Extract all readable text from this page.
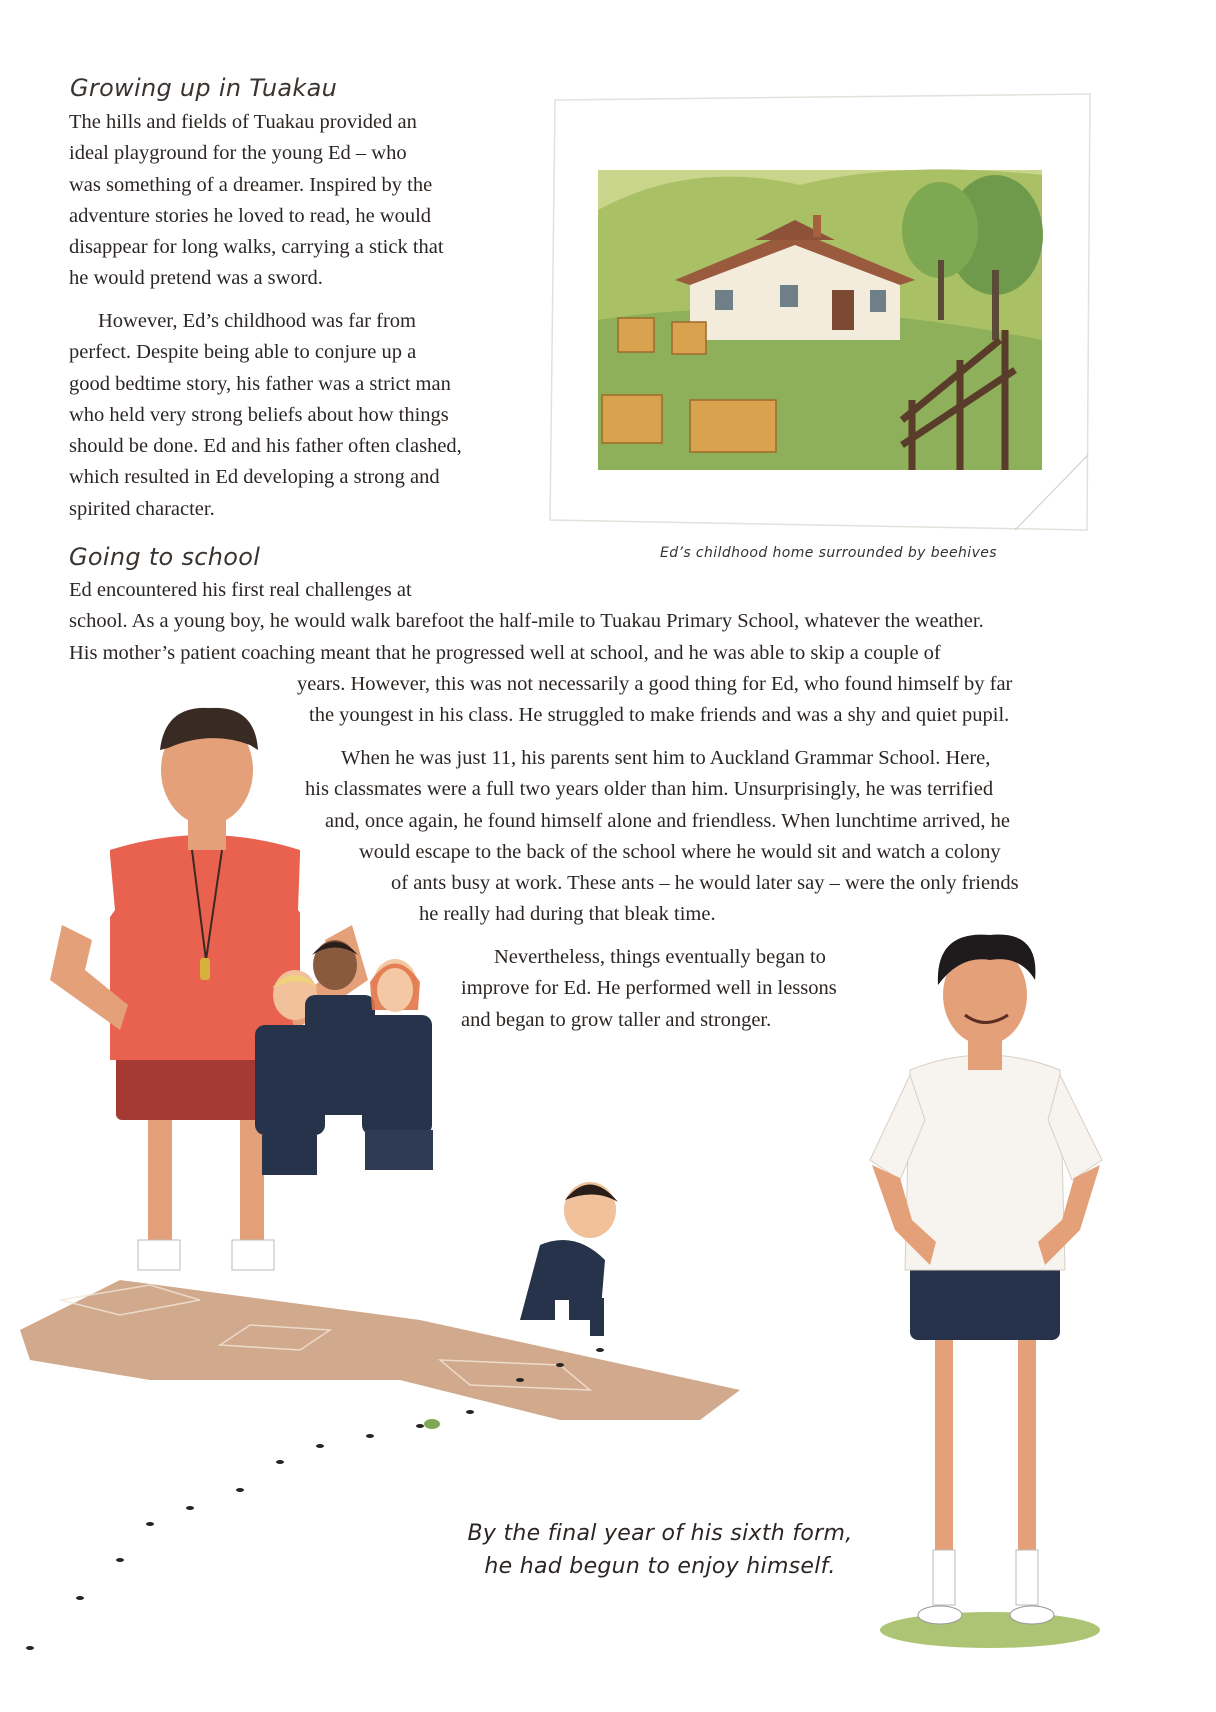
Growing up in Tuakau

The hills and fields of Tuakau provided an
ideal playground for the young Ed – who
was something of a dreamer. Inspired by the
adventure stories he loved to read, he would
disappear for long walks, carrying a stick that
he would pretend was a sword.

However, Ed’s childhood was far from
perfect. Despite being able to conjure up a
good bedtime story, his father was a strict man
who held very strong beliefs about how things
should be done. Ed and his father often clashed,
which resulted in Ed developing a strong and
spirited character.

Ed’s childhood home surrounded by beehives
Going to school

Ed encountered his first real challenges at
school. As a young boy, he would walk barefoot the half-mile to Tuakau Primary School, whatever the weather.
His mother’s patient coaching meant that he progressed well at school, and he was able to skip a couple of
years. However, this was not necessarily a good thing for Ed, who found himself by far
the youngest in his class. He struggled to make friends and was a shy and quiet pupil.

When he was just 11, his parents sent him to Auckland Grammar School. Here,
his classmates were a full two years older than him. Unsurprisingly, he was terrified
and, once again, he found himself alone and friendless. When lunchtime arrived, he
would escape to the back of the school where he would sit and watch a colony
of ants busy at work. These ants – he would later say – were the only friends
he really had during that bleak time.

Nevertheless, things eventually began to
improve for Ed. He performed well in lessons
and began to grow taller and stronger.

By the final year of his sixth form,
he had begun to enjoy himself.
